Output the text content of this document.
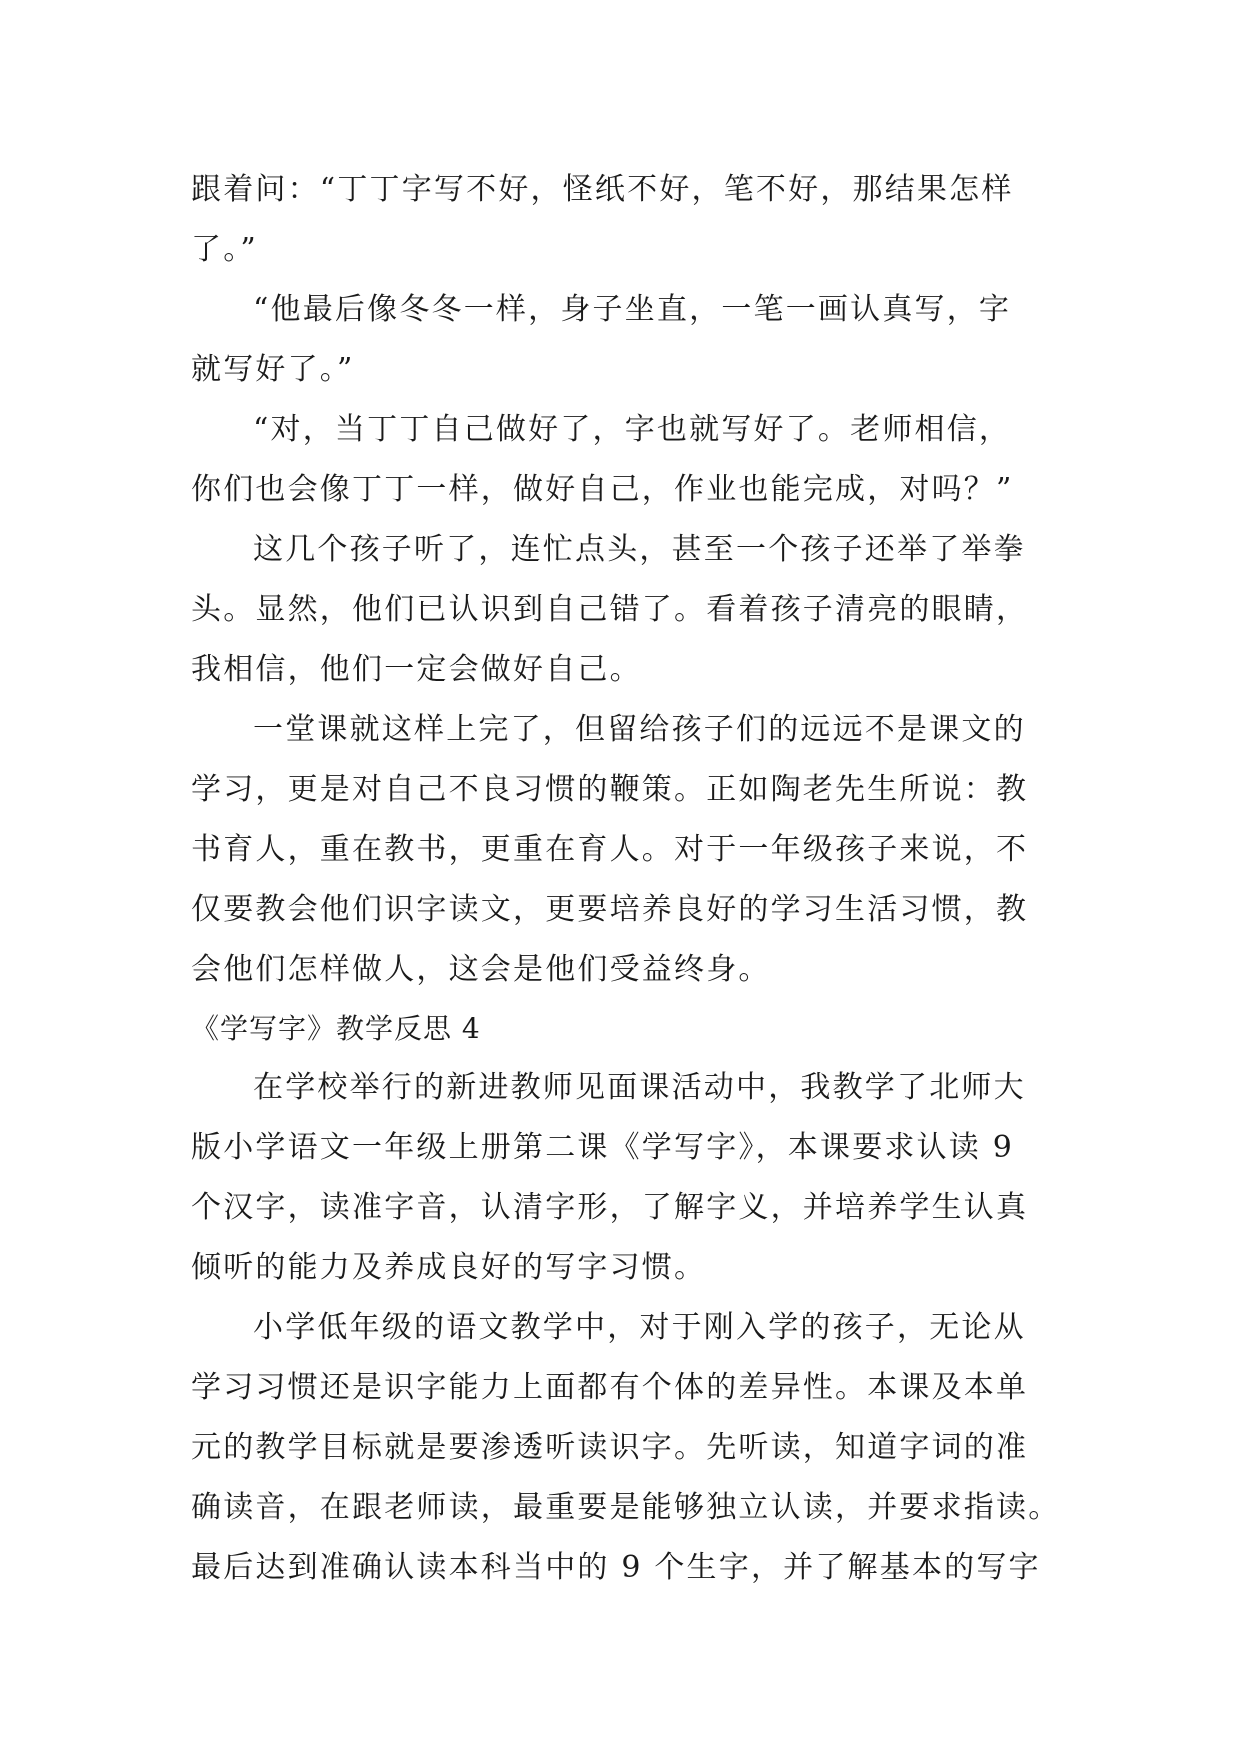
跟着问：“丁丁字写不好，怪纸不好，笔不好，那结果怎样
了。”
“他最后像冬冬一样，身子坐直，一笔一画认真写，字
就写好了。”
“对，当丁丁自己做好了，字也就写好了。老师相信，
你们也会像丁丁一样，做好自己，作业也能完成，对吗？”
这几个孩子听了，连忙点头，甚至一个孩子还举了举拳
头。显然，他们已认识到自己错了。看着孩子清亮的眼睛，
我相信，他们一定会做好自己。
一堂课就这样上完了，但留给孩子们的远远不是课文的
学习，更是对自己不良习惯的鞭策。正如陶老先生所说：教
书育人，重在教书，更重在育人。对于一年级孩子来说，不
仅要教会他们识字读文，更要培养良好的学习生活习惯，教
会他们怎样做人，这会是他们受益终身。
《学写字》教学反思 4
在学校举行的新进教师见面课活动中，我教学了北师大
版小学语文一年级上册第二课《学写字》，本课要求认读 9
个汉字，读准字音，认清字形，了解字义，并培养学生认真
倾听的能力及养成良好的写字习惯。
小学低年级的语文教学中，对于刚入学的孩子，无论从
学习习惯还是识字能力上面都有个体的差异性。本课及本单
元的教学目标就是要渗透听读识字。先听读，知道字词的准
确读音，在跟老师读，最重要是能够独立认读，并要求指读。
最后达到准确认读本科当中的 9 个生字，并了解基本的写字
